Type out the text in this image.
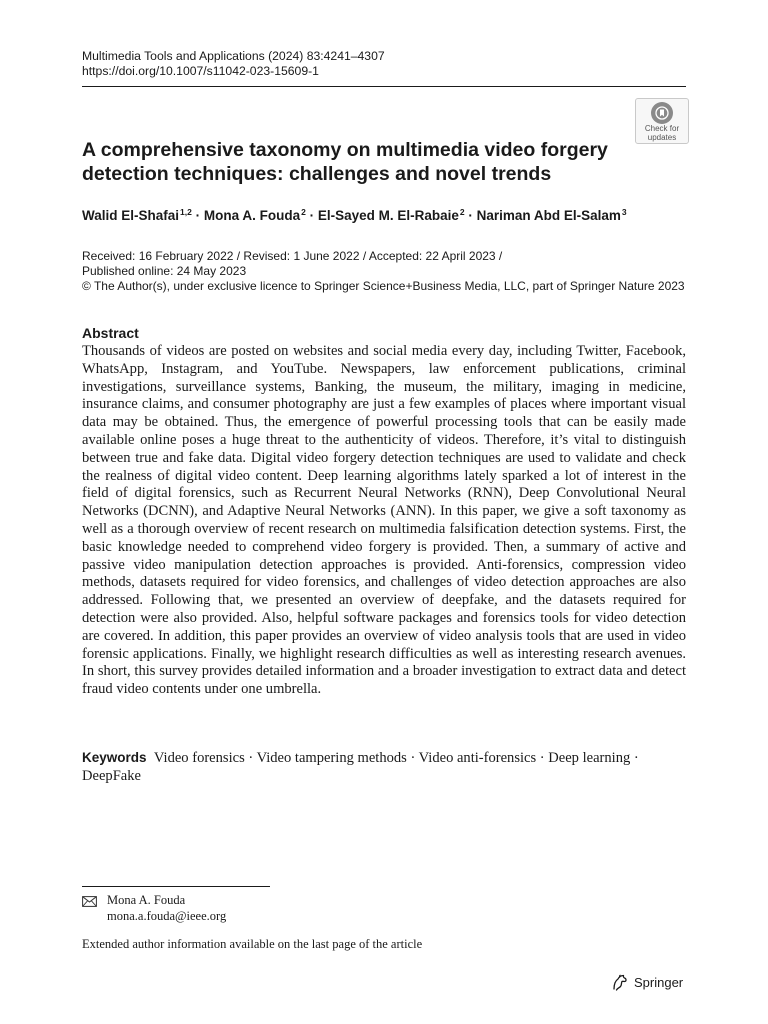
Multimedia Tools and Applications (2024) 83:4241–4307
https://doi.org/10.1007/s11042-023-15609-1
Check for
updates
A comprehensive taxonomy on multimedia video forgery detection techniques: challenges and novel trends
Walid El-Shafai$^{1,2}$ · Mona A. Fouda$^2$ · El-Sayed M. El-Rabaie$^2$ · Nariman Abd El-Salam$^3$
Received: 16 February 2022 / Revised: 1 June 2022 / Accepted: 22 April 2023 /
Published online: 24 May 2023
© The Author(s), under exclusive licence to Springer Science+Business Media, LLC, part of Springer Nature 2023
Abstract

Thousands of videos are posted on websites and social media every day, including Twitter, Facebook, WhatsApp, Instagram, and YouTube. Newspapers, law enforcement publications, criminal investigations, surveillance systems, Banking, the museum, the military, imaging in medicine, insurance claims, and consumer photography are just a few examples of places where important visual data may be obtained. Thus, the emergence of powerful processing tools that can be easily made available online poses a huge threat to the authenticity of videos. Therefore, it’s vital to distinguish between true and fake data. Digital video forgery detection techniques are used to validate and check the realness of digital video content. Deep learning algorithms lately sparked a lot of interest in the field of digital forensics, such as Recurrent Neural Networks (RNN), Deep Convolutional Neural Networks (DCNN), and Adaptive Neural Networks (ANN). In this paper, we give a soft taxonomy as well as a thorough overview of recent research on multimedia falsification detection systems. First, the basic knowledge needed to comprehend video forgery is provided. Then, a summary of active and passive video manipulation detection approaches is provided. Anti-forensics, compression video methods, datasets required for video forensics, and challenges of video detection approaches are also addressed. Following that, we presented an overview of deepfake, and the datasets required for detection were also provided. Also, helpful software packages and forensics tools for video detection are covered. In addition, this paper provides an overview of video analysis tools that are used in video forensic applications. Finally, we highlight research difficulties as well as interesting research avenues. In short, this survey provides detailed information and a broader investigation to extract data and detect fraud video contents under one umbrella.

Keywords Video forensics · Video tampering methods · Video anti-forensics · Deep learning · DeepFake
Mona A. Fouda
mona.a.fouda@ieee.org
Extended author information available on the last page of the article
Springer
